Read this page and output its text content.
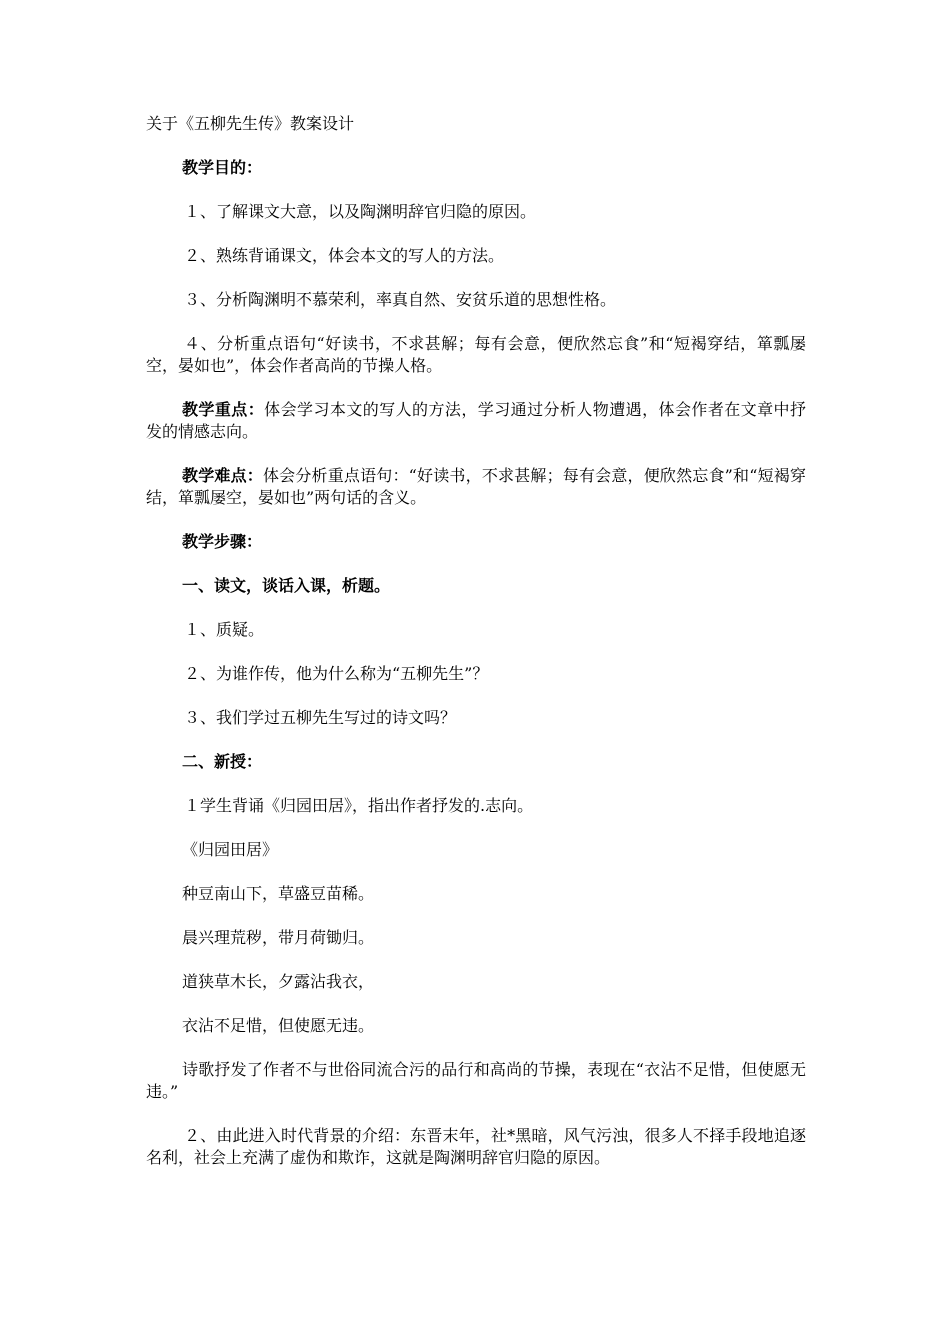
关于《五柳先生传》教案设计

教学目的：

１、了解课文大意，以及陶渊明辞官归隐的原因。

２、熟练背诵课文，体会本文的写人的方法。

３、分析陶渊明不慕荣利，率真自然、安贫乐道的思想性格。

４、分析重点语句“好读书，不求甚解；每有会意，便欣然忘食”和“短褐穿结，箪瓢屡空，晏如也”，体会作者高尚的节操人格。

教学重点：体会学习本文的写人的方法，学习通过分析人物遭遇，体会作者在文章中抒发的情感志向。

教学难点：体会分析重点语句：“好读书，不求甚解；每有会意，便欣然忘食”和“短褐穿结，箪瓢屡空，晏如也”两句话的含义。

教学步骤：

一、读文，谈话入课，析题。

１、质疑。

２、为谁作传，他为什么称为“五柳先生”？

３、我们学过五柳先生写过的诗文吗？

二、新授：

１学生背诵《归园田居》，指出作者抒发的.志向。

《归园田居》

种豆南山下，草盛豆苗稀。

晨兴理荒秽，带月荷锄归。

道狭草木长，夕露沾我衣，

衣沾不足惜，但使愿无违。

诗歌抒发了作者不与世俗同流合污的品行和高尚的节操，表现在“衣沾不足惜，但使愿无违。”

２、由此进入时代背景的介绍：东晋末年，社*黑暗，风气污浊，很多人不择手段地追逐名利，社会上充满了虚伪和欺诈，这就是陶渊明辞官归隐的原因。
